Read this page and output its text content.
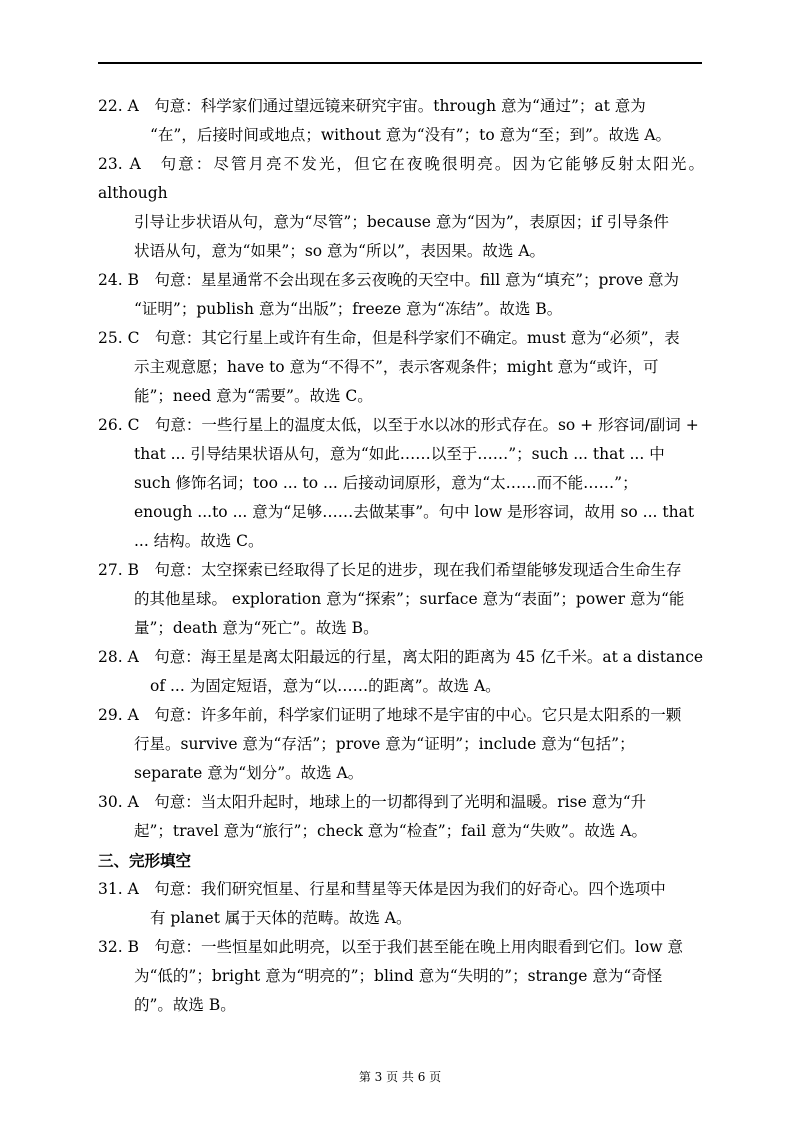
22. A　句意：科学家们通过望远镜来研究宇宙。through 意为“通过”；at 意为
“在”，后接时间或地点；without 意为“没有”；to 意为“至；到”。故选 A。

23. A　句意：尽管月亮不发光，但它在夜晚很明亮。因为它能够反射太阳光。although
引导让步状语从句，意为“尽管”；because 意为“因为”，表原因；if 引导条件
状语从句，意为“如果”；so 意为“所以”，表因果。故选 A。

24. B　句意：星星通常不会出现在多云夜晚的天空中。fill 意为“填充”；prove 意为
“证明”；publish 意为“出版”；freeze 意为“冻结”。故选 B。

25. C　句意：其它行星上或许有生命，但是科学家们不确定。must 意为“必须”，表
示主观意愿；have to 意为“不得不”，表示客观条件；might 意为“或许，可
能”；need 意为“需要”。故选 C。

26. C　句意：一些行星上的温度太低，以至于水以冰的形式存在。so + 形容词/副词 +
that ... 引导结果状语从句，意为“如此……以至于……”；such ... that ... 中
such 修饰名词；too ... to ... 后接动词原形，意为“太……而不能……”；
enough ...to ... 意为“足够……去做某事”。句中 low 是形容词，故用 so ... that
... 结构。故选 C。

27. B　句意：太空探索已经取得了长足的进步，现在我们希望能够发现适合生命生存
的其他星球。 exploration 意为“探索”；surface 意为“表面”；power 意为“能
量”；death 意为“死亡”。故选 B。

28. A　句意：海王星是离太阳最远的行星，离太阳的距离为 45 亿千米。at a distance
of ... 为固定短语，意为“以……的距离”。故选 A。

29. A　句意：许多年前，科学家们证明了地球不是宇宙的中心。它只是太阳系的一颗
行星。survive 意为“存活”；prove 意为“证明”；include 意为“包括”；
separate 意为“划分”。故选 A。

30. A　句意：当太阳升起时，地球上的一切都得到了光明和温暖。rise 意为“升
起”；travel 意为“旅行”；check 意为“检查”；fail 意为“失败”。故选 A。

三、完形填空

31. A　句意：我们研究恒星、行星和彗星等天体是因为我们的好奇心。四个选项中
有 planet 属于天体的范畴。故选 A。

32. B　句意：一些恒星如此明亮，以至于我们甚至能在晚上用肉眼看到它们。low 意
为“低的”；bright 意为“明亮的”；blind 意为“失明的”；strange 意为“奇怪
的”。故选 B。

第 3 页 共 6 页
